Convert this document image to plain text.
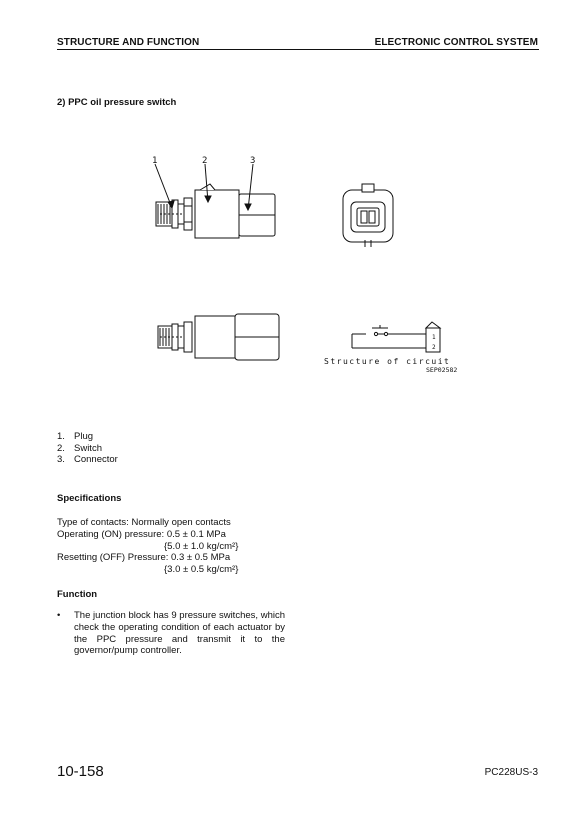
STRUCTURE AND FUNCTION	ELECTRONIC CONTROL SYSTEM
2) PPC oil pressure switch
1	2	3
1
2
Structure of circuit
SEP02582
1. Plug
2. Switch
3. Connector
Specifications
Type of contacts: Normally open contacts
Operating (ON) pressure: 0.5 ± 0.1 MPa
{5.0 ± 1.0 kg/cm²}
Resetting (OFF) Pressure: 0.3 ± 0.5 MPa
{3.0 ± 0.5 kg/cm²}
Function
•	The junction block has 9 pressure switches, which check the operating condition of each actuator by the PPC pressure and transmit it to the governor/pump controller.
10-158	PC228US-3
